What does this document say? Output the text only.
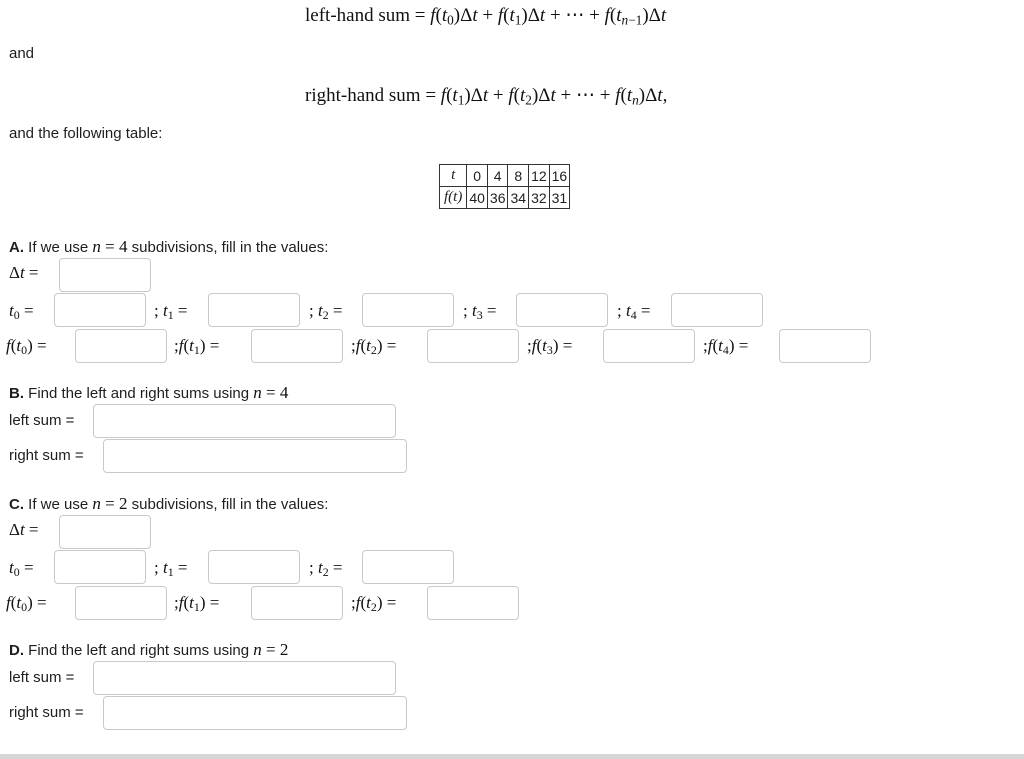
left-hand sum = $f(t_0)\Delta t + f(t_1)\Delta t$ + ⋯ + $f(t_{n-1})\Delta t$
and
right-hand sum = $f(t_1)\Delta t + f(t_2)\Delta t$ + ⋯ + $f(t_n)\Delta t$,
and the following table:
t	0	4	8	12	16
f(t)	40	36	34	32	31
A. If we use n = 4 subdivisions, fill in the values:
Δt =
$t_0$ =	; $t_1$ =	; $t_2$ =	; $t_3$ =	; $t_4$ =
$f(t_0)$ =	$;f(t_1)$ =	$;f(t_2)$ =	$;f(t_3)$ =	$;f(t_4)$ =
B. Find the left and right sums using n = 4
left sum =
right sum =
C. If we use n = 2 subdivisions, fill in the values:
Δt =
$t_0$ =	; $t_1$ =	; $t_2$ =
$f(t_0)$ =	$;f(t_1)$ =	$;f(t_2)$ =
D. Find the left and right sums using n = 2
left sum =
right sum =
